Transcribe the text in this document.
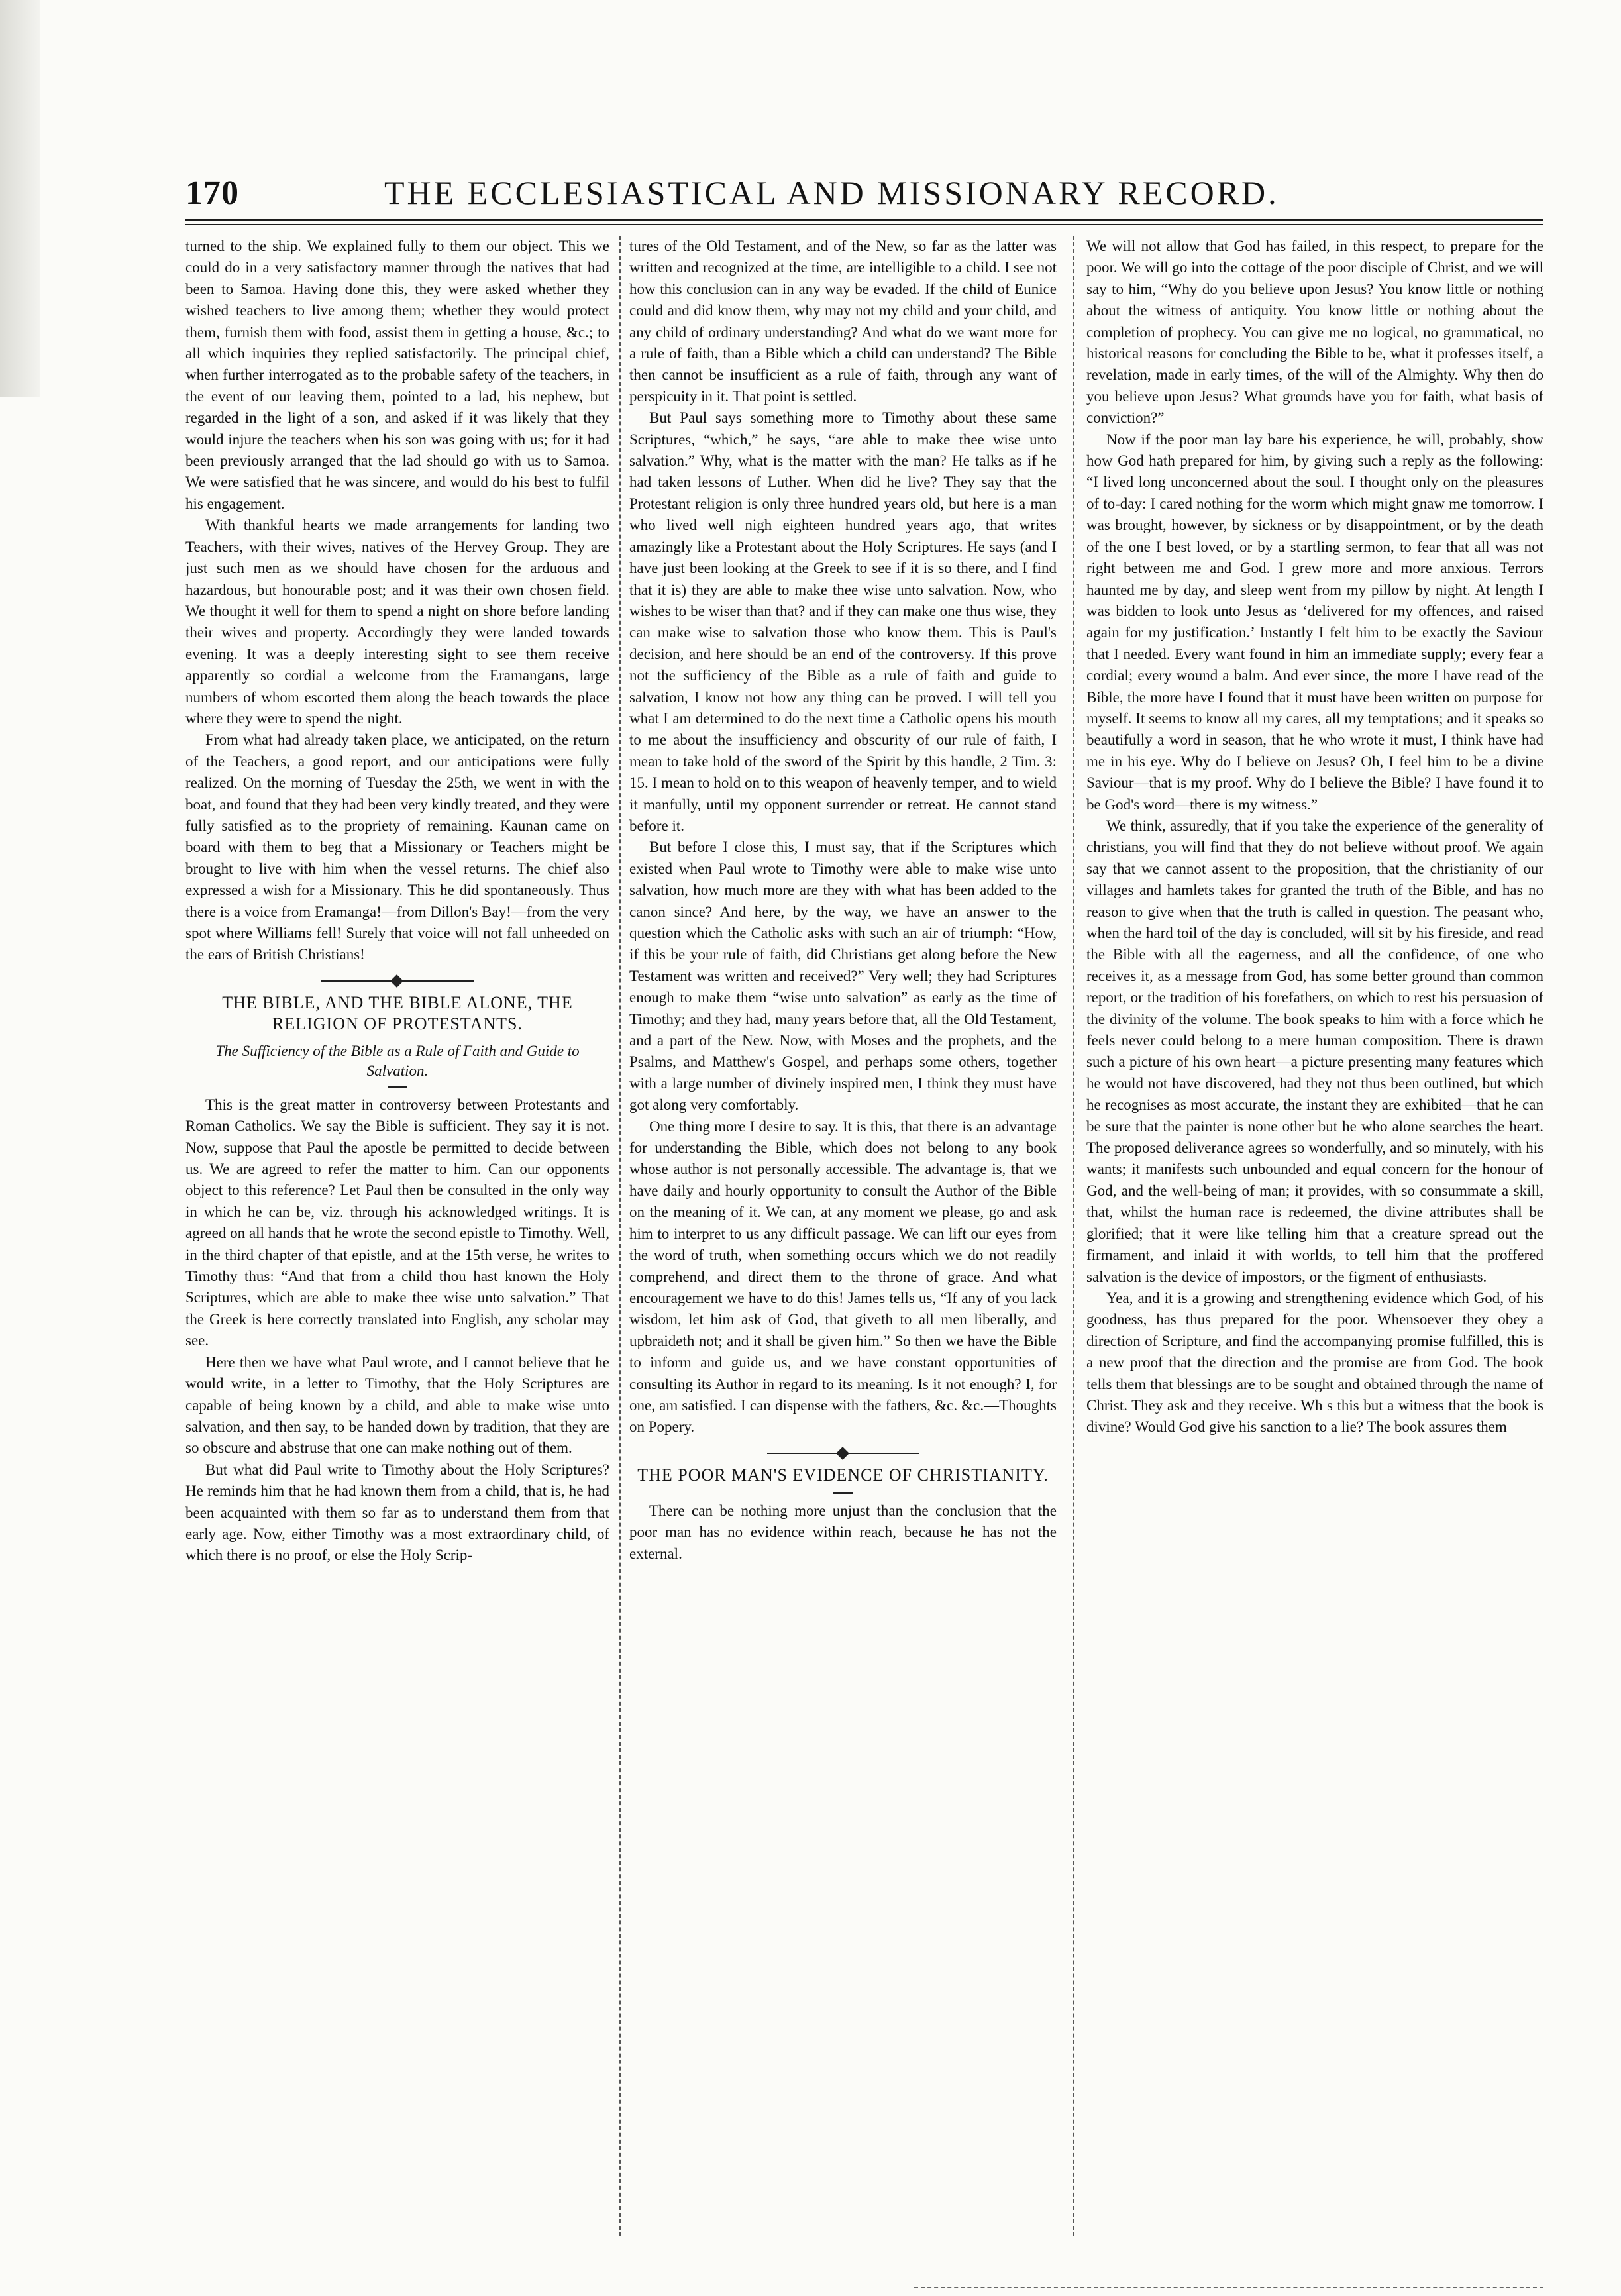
170	THE ECCLESIASTICAL AND MISSIONARY RECORD.

turned to the ship. We explained fully to them our object. This we could do in a very satisfactory manner through the natives that had been to Samoa. Having done this, they were asked whether they wished teachers to live among them; whether they would protect them, furnish them with food, assist them in getting a house, &c.; to all which inquiries they replied satisfactorily. The principal chief, when further interrogated as to the probable safety of the teachers, in the event of our leaving them, pointed to a lad, his nephew, but regarded in the light of a son, and asked if it was likely that they would injure the teachers when his son was going with us; for it had been previously arranged that the lad should go with us to Samoa. We were satisfied that he was sincere, and would do his best to fulfil his engagement.

With thankful hearts we made arrangements for landing two Teachers, with their wives, natives of the Hervey Group. They are just such men as we should have chosen for the arduous and hazardous, but honourable post; and it was their own chosen field. We thought it well for them to spend a night on shore before landing their wives and property. Accordingly they were landed towards evening. It was a deeply interesting sight to see them receive apparently so cordial a welcome from the Eramangans, large numbers of whom escorted them along the beach towards the place where they were to spend the night.

From what had already taken place, we anticipated, on the return of the Teachers, a good report, and our anticipations were fully realized. On the morning of Tuesday the 25th, we went in with the boat, and found that they had been very kindly treated, and they were fully satisfied as to the propriety of remaining. Kaunan came on board with them to beg that a Missionary or Teachers might be brought to live with him when the vessel returns. The chief also expressed a wish for a Missionary. This he did spontaneously. Thus there is a voice from Eramanga!—from Dillon's Bay!—from the very spot where Williams fell! Surely that voice will not fall unheeded on the ears of British Christians!

THE BIBLE, AND THE BIBLE ALONE, THE RELIGION OF PROTESTANTS.
The Sufficiency of the Bible as a Rule of Faith and Guide to Salvation.

This is the great matter in controversy between Protestants and Roman Catholics. We say the Bible is sufficient. They say it is not. Now, suppose that Paul the apostle be permitted to decide between us. We are agreed to refer the matter to him. Can our opponents object to this reference? Let Paul then be consulted in the only way in which he can be, viz. through his acknowledged writings. It is agreed on all hands that he wrote the second epistle to Timothy. Well, in the third chapter of that epistle, and at the 15th verse, he writes to Timothy thus: “And that from a child thou hast known the Holy Scriptures, which are able to make thee wise unto salvation.” That the Greek is here correctly translated into English, any scholar may see.

Here then we have what Paul wrote, and I cannot believe that he would write, in a letter to Timothy, that the Holy Scriptures are capable of being known by a child, and able to make wise unto salvation, and then say, to be handed down by tradition, that they are so obscure and abstruse that one can make nothing out of them.

But what did Paul write to Timothy about the Holy Scriptures? He reminds him that he had known them from a child, that is, he had been acquainted with them so far as to understand them from that early age. Now, either Timothy was a most extraordinary child, of which there is no proof, or else the Holy Scrip-

tures of the Old Testament, and of the New, so far as the latter was written and recognized at the time, are intelligible to a child. I see not how this conclusion can in any way be evaded. If the child of Eunice could and did know them, why may not my child and your child, and any child of ordinary understanding? And what do we want more for a rule of faith, than a Bible which a child can understand? The Bible then cannot be insufficient as a rule of faith, through any want of perspicuity in it. That point is settled.

But Paul says something more to Timothy about these same Scriptures, “which,” he says, “are able to make thee wise unto salvation.” Why, what is the matter with the man? He talks as if he had taken lessons of Luther. When did he live? They say that the Protestant religion is only three hundred years old, but here is a man who lived well nigh eighteen hundred years ago, that writes amazingly like a Protestant about the Holy Scriptures. He says (and I have just been looking at the Greek to see if it is so there, and I find that it is) they are able to make thee wise unto salvation. Now, who wishes to be wiser than that? and if they can make one thus wise, they can make wise to salvation those who know them. This is Paul's decision, and here should be an end of the controversy. If this prove not the sufficiency of the Bible as a rule of faith and guide to salvation, I know not how any thing can be proved. I will tell you what I am determined to do the next time a Catholic opens his mouth to me about the insufficiency and obscurity of our rule of faith, I mean to take hold of the sword of the Spirit by this handle, 2 Tim. 3: 15. I mean to hold on to this weapon of heavenly temper, and to wield it manfully, until my opponent surrender or retreat. He cannot stand before it.

But before I close this, I must say, that if the Scriptures which existed when Paul wrote to Timothy were able to make wise unto salvation, how much more are they with what has been added to the canon since? And here, by the way, we have an answer to the question which the Catholic asks with such an air of triumph: “How, if this be your rule of faith, did Christians get along before the New Testament was written and received?” Very well; they had Scriptures enough to make them “wise unto salvation” as early as the time of Timothy; and they had, many years before that, all the Old Testament, and a part of the New. Now, with Moses and the prophets, and the Psalms, and Matthew's Gospel, and perhaps some others, together with a large number of divinely inspired men, I think they must have got along very comfortably.

One thing more I desire to say. It is this, that there is an advantage for understanding the Bible, which does not belong to any book whose author is not personally accessible. The advantage is, that we have daily and hourly opportunity to consult the Author of the Bible on the meaning of it. We can, at any moment we please, go and ask him to interpret to us any difficult passage. We can lift our eyes from the word of truth, when something occurs which we do not readily comprehend, and direct them to the throne of grace. And what encouragement we have to do this! James tells us, “If any of you lack wisdom, let him ask of God, that giveth to all men liberally, and upbraideth not; and it shall be given him.” So then we have the Bible to inform and guide us, and we have constant opportunities of consulting its Author in regard to its meaning. Is it not enough? I, for one, am satisfied. I can dispense with the fathers, &c. &c.—Thoughts on Popery.

THE POOR MAN'S EVIDENCE OF CHRISTIANITY.

There can be nothing more unjust than the conclusion that the poor man has no evidence within reach, because he has not the external.

We will not allow that God has failed, in this respect, to prepare for the poor. We will go into the cottage of the poor disciple of Christ, and we will say to him, “Why do you believe upon Jesus? You know little or nothing about the witness of antiquity. You know little or nothing about the completion of prophecy. You can give me no logical, no grammatical, no historical reasons for concluding the Bible to be, what it professes itself, a revelation, made in early times, of the will of the Almighty. Why then do you believe upon Jesus? What grounds have you for faith, what basis of conviction?”

Now if the poor man lay bare his experience, he will, probably, show how God hath prepared for him, by giving such a reply as the following: “I lived long unconcerned about the soul. I thought only on the pleasures of to-day: I cared nothing for the worm which might gnaw me tomorrow. I was brought, however, by sickness or by disappointment, or by the death of the one I best loved, or by a startling sermon, to fear that all was not right between me and God. I grew more and more anxious. Terrors haunted me by day, and sleep went from my pillow by night. At length I was bidden to look unto Jesus as ‘delivered for my offences, and raised again for my justification.’ Instantly I felt him to be exactly the Saviour that I needed. Every want found in him an immediate supply; every fear a cordial; every wound a balm. And ever since, the more I have read of the Bible, the more have I found that it must have been written on purpose for myself. It seems to know all my cares, all my temptations; and it speaks so beautifully a word in season, that he who wrote it must, I think have had me in his eye. Why do I believe on Jesus? Oh, I feel him to be a divine Saviour—that is my proof. Why do I believe the Bible? I have found it to be God's word—there is my witness.”

We think, assuredly, that if you take the experience of the generality of christians, you will find that they do not believe without proof. We again say that we cannot assent to the proposition, that the christianity of our villages and hamlets takes for granted the truth of the Bible, and has no reason to give when that the truth is called in question. The peasant who, when the hard toil of the day is concluded, will sit by his fireside, and read the Bible with all the eagerness, and all the confidence, of one who receives it, as a message from God, has some better ground than common report, or the tradition of his forefathers, on which to rest his persuasion of the divinity of the volume. The book speaks to him with a force which he feels never could belong to a mere human composition. There is drawn such a picture of his own heart—a picture presenting many features which he would not have discovered, had they not thus been outlined, but which he recognises as most accurate, the instant they are exhibited—that he can be sure that the painter is none other but he who alone searches the heart. The proposed deliverance agrees so wonderfully, and so minutely, with his wants; it manifests such unbounded and equal concern for the honour of God, and the well-being of man; it provides, with so consummate a skill, that, whilst the human race is redeemed, the divine attributes shall be glorified; that it were like telling him that a creature spread out the firmament, and inlaid it with worlds, to tell him that the proffered salvation is the device of impostors, or the figment of enthusiasts.

Yea, and it is a growing and strengthening evidence which God, of his goodness, has thus prepared for the poor. Whensoever they obey a direction of Scripture, and find the accompanying promise fulfilled, this is a new proof that the direction and the promise are from God. The book tells them that blessings are to be sought and obtained through the name of Christ. They ask and they receive. Wh s this but a witness that the book is divine? Would God give his sanction to a lie? The book assures them
